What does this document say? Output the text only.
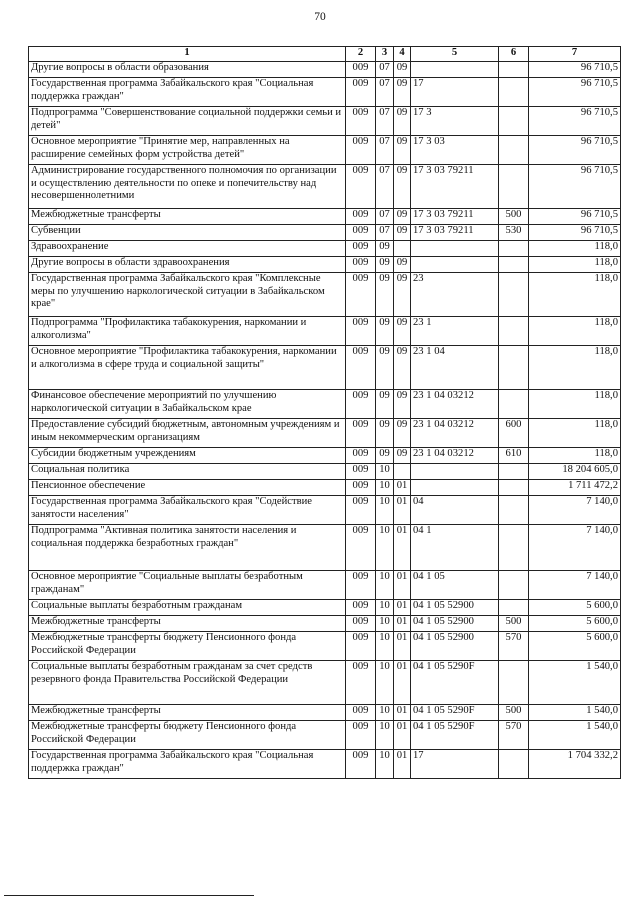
70
1	2	3	4	5	6	7
Другие вопросы в области образования	009	07	09			96 710,5
Государственная программа Забайкальского края "Социальная поддержка граждан"	009	07	09	17		96 710,5
Подпрограмма "Совершенствование социальной поддержки семьи и детей"	009	07	09	17 3		96 710,5
Основное мероприятие "Принятие мер, направленных на расширение семейных форм устройства детей"	009	07	09	17 3 03		96 710,5
Администрирование государственного полномочия по организации и осуществлению деятельности по опеке и попечительству над несовершеннолетними	009	07	09	17 3 03 79211		96 710,5
Межбюджетные трансферты	009	07	09	17 3 03 79211	500	96 710,5
Субвенции	009	07	09	17 3 03 79211	530	96 710,5
Здравоохранение	009	09				118,0
Другие вопросы в области здравоохранения	009	09	09			118,0
Государственная программа Забайкальского края "Комплексные меры по улучшению наркологической ситуации в Забайкальском крае"	009	09	09	23		118,0
Подпрограмма "Профилактика табакокурения, наркомании и алкоголизма"	009	09	09	23 1		118,0
Основное мероприятие "Профилактика табакокурения, наркомании и алкоголизма в сфере труда и социальной защиты"	009	09	09	23 1 04		118,0
Финансовое обеспечение мероприятий по улучшению наркологической ситуации в Забайкальском крае	009	09	09	23 1 04 03212		118,0
Предоставление субсидий бюджетным, автономным учреждениям и иным некоммерческим организациям	009	09	09	23 1 04 03212	600	118,0
Субсидии бюджетным учреждениям	009	09	09	23 1 04 03212	610	118,0
Социальная политика	009	10				18 204 605,0
Пенсионное обеспечение	009	10	01			1 711 472,2
Государственная программа Забайкальского края "Содействие занятости населения"	009	10	01	04		7 140,0
Подпрограмма "Активная политика занятости населения и социальная поддержка безработных граждан"	009	10	01	04 1		7 140,0
Основное мероприятие "Социальные выплаты безработным гражданам"	009	10	01	04 1 05		7 140,0
Социальные выплаты безработным гражданам	009	10	01	04 1 05 52900		5 600,0
Межбюджетные трансферты	009	10	01	04 1 05 52900	500	5 600,0
Межбюджетные трансферты бюджету Пенсионного фонда Российской Федерации	009	10	01	04 1 05 52900	570	5 600,0
Социальные выплаты безработным гражданам за счет средств резервного фонда Правительства Российской Федерации	009	10	01	04 1 05 5290F		1 540,0
Межбюджетные трансферты	009	10	01	04 1 05 5290F	500	1 540,0
Межбюджетные трансферты бюджету Пенсионного фонда Российской Федерации	009	10	01	04 1 05 5290F	570	1 540,0
Государственная программа Забайкальского края "Социальная поддержка граждан"	009	10	01	17		1 704 332,2
